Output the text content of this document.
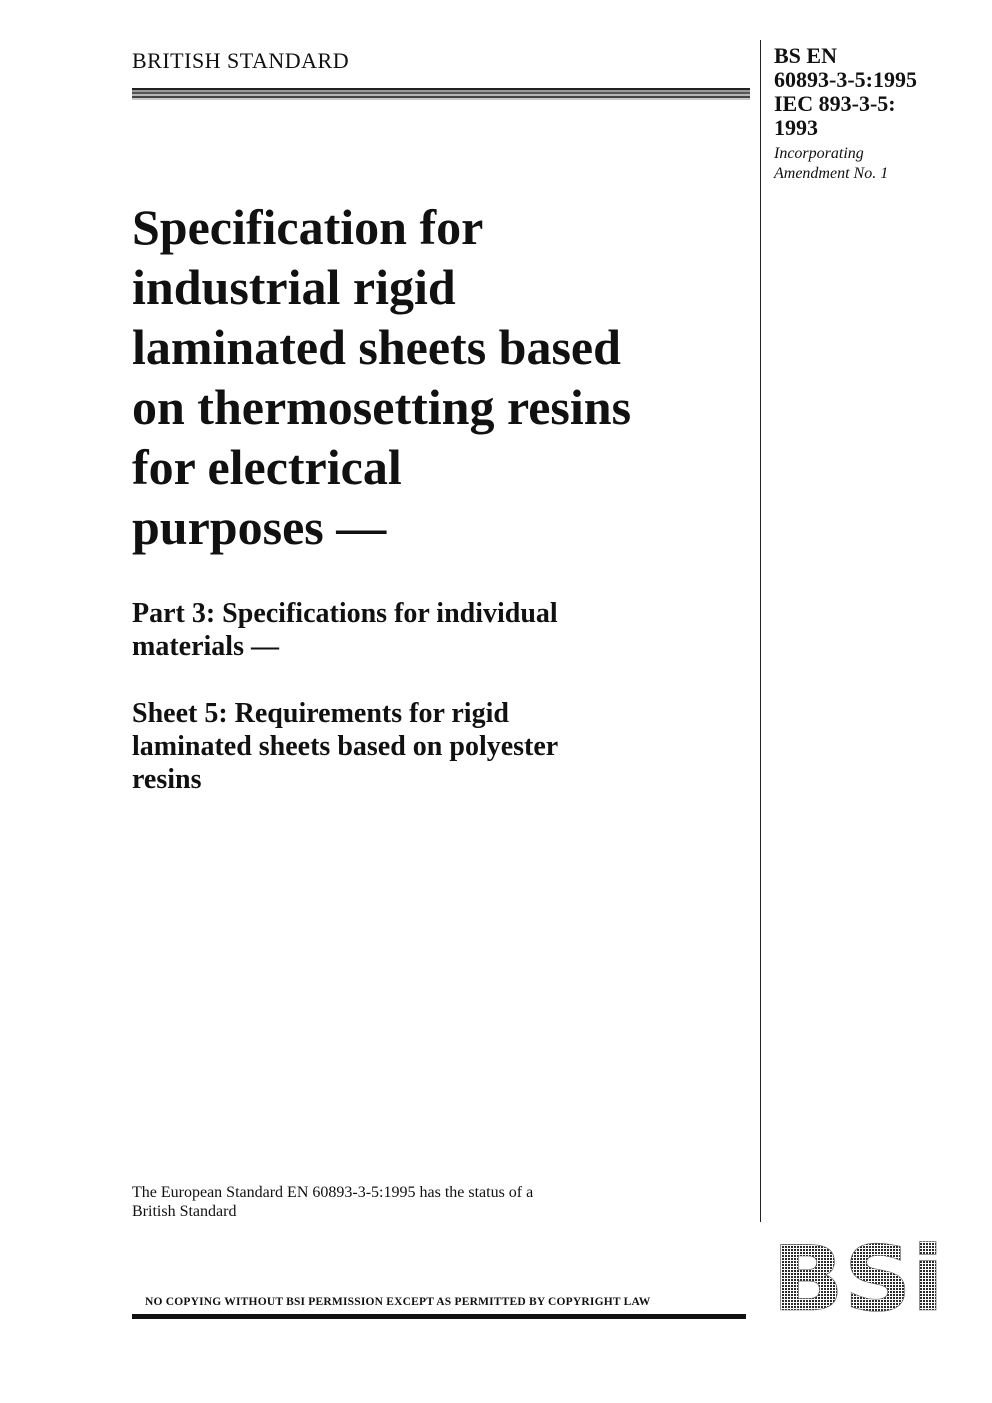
BRITISH STANDARD	BS EN
60893-3-5:1995
IEC 893-3-5:
1993
Incorporating
Amendment No. 1
Specification for
industrial rigid
laminated sheets based
on thermosetting resins
for electrical
purposes —
Part 3: Specifications for individual
materials —
Sheet 5: Requirements for rigid
laminated sheets based on polyester
resins
The European Standard EN 60893-3-5:1995 has the status of a
British Standard
NO COPYING WITHOUT BSI PERMISSION EXCEPT AS PERMITTED BY COPYRIGHT LAW BSi
